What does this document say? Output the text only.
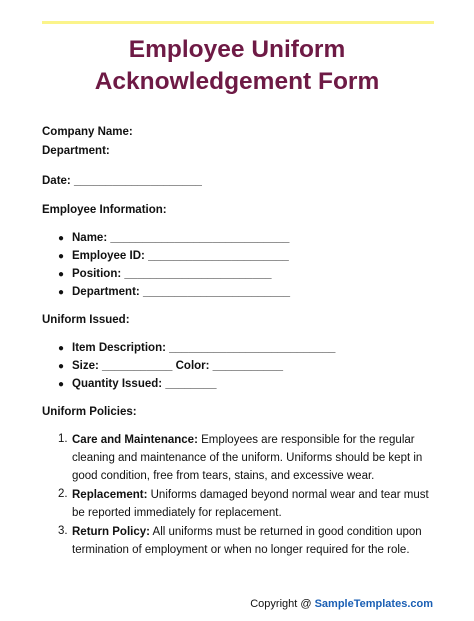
Employee Uniform
Acknowledgement Form
Company Name:
Department:
Date: ____________________
Employee Information:
● Name: ____________________________
● Employee ID: ______________________
● Position: _______________________
● Department: _______________________
Uniform Issued:
● Item Description: __________________________
● Size: ___________ Color: ___________
● Quantity Issued: ________
Uniform Policies:
1. Care and Maintenance: Employees are responsible for the regular cleaning and maintenance of the uniform. Uniforms should be kept in good condition, free from tears, stains, and excessive wear.
2. Replacement: Uniforms damaged beyond normal wear and tear must be reported immediately for replacement.
3. Return Policy: All uniforms must be returned in good condition upon termination of employment or when no longer required for the role.
Copyright @ SampleTemplates.com
